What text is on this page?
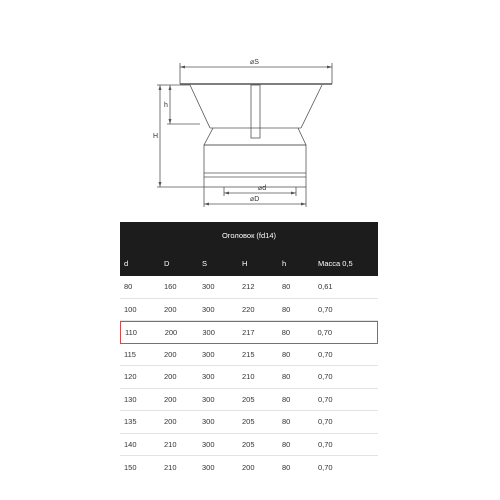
⌀S
h
H
⌀d
⌀D
Оголовок (fd14)
d	D	S	H	h	Масса 0,5
80	160	300	212	80	0,61
100	200	300	220	80	0,70
110	200	300	217	80	0,70
115	200	300	215	80	0,70
120	200	300	210	80	0,70
130	200	300	205	80	0,70
135	200	300	205	80	0,70
140	210	300	205	80	0,70
150	210	300	200	80	0,70
